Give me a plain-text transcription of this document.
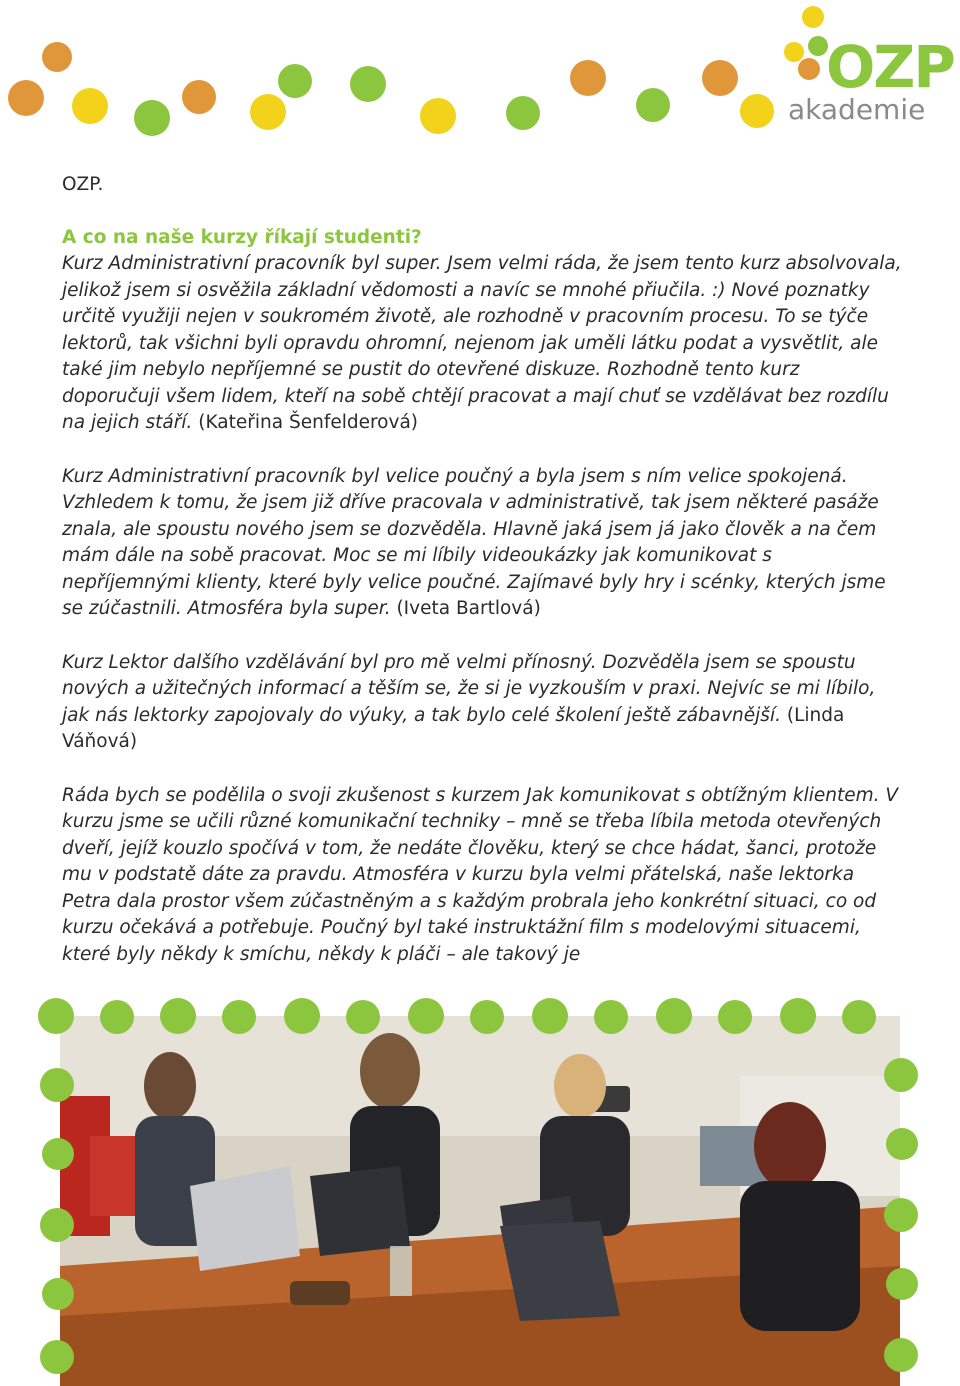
OZP
akademie

OZP.

A co na naše kurzy říkají studenti?

Kurz Administrativní pracovník byl super. Jsem velmi ráda, že jsem tento kurz absolvovala, jelikož jsem si osvěžila základní vědomosti a navíc se mnohé přiučila. :) Nové poznatky určitě využiji nejen v soukromém životě, ale rozhodně v pracovním procesu. To se týče lektorů, tak všichni byli opravdu ohromní, nejenom jak uměli látku podat a vysvětlit, ale také jim nebylo nepříjemné se pustit do otevřené diskuze. Rozhodně tento kurz doporučuji všem lidem, kteří na sobě chtějí pracovat a mají chuť se vzdělávat bez rozdílu na jejich stáří. (Kateřina Šenfelderová)

Kurz Administrativní pracovník byl velice poučný a byla jsem s ním velice spokojená. Vzhledem k tomu, že jsem již dříve pracovala v administrativě, tak jsem některé pasáže znala, ale spoustu nového jsem se dozvěděla. Hlavně jaká jsem já jako člověk a na čem mám dále na sobě pracovat. Moc se mi líbily videoukázky jak komunikovat s nepříjemnými klienty, které byly velice poučné. Zajímavé byly hry i scénky, kterých jsme se zúčastnili. Atmosféra byla super. (Iveta Bartlová)

Kurz Lektor dalšího vzdělávání byl pro mě velmi přínosný. Dozvěděla jsem se spoustu nových a užitečných informací a těším se, že si je vyzkouším v praxi. Nejvíc se mi líbilo, jak nás lektorky zapojovaly do výuky, a tak bylo celé školení ještě zábavnější. (Linda Váňová)

Ráda bych se podělila o svoji zkušenost s kurzem Jak komunikovat s obtížným klientem. V kurzu jsme se učili různé komunikační techniky – mně se třeba líbila metoda otevřených dveří, jejíž kouzlo spočívá v tom, že nedáte člověku, který se chce hádat, šanci, protože mu v podstatě dáte za pravdu. Atmosféra v kurzu byla velmi přátelská, naše lektorka Petra dala prostor všem zúčastněným a s každým probrala jeho konkrétní situaci, co od kurzu očekává a potřebuje. Poučný byl také instruktážní film s modelovými situacemi, které byly někdy k smíchu, někdy k pláči – ale takový je
